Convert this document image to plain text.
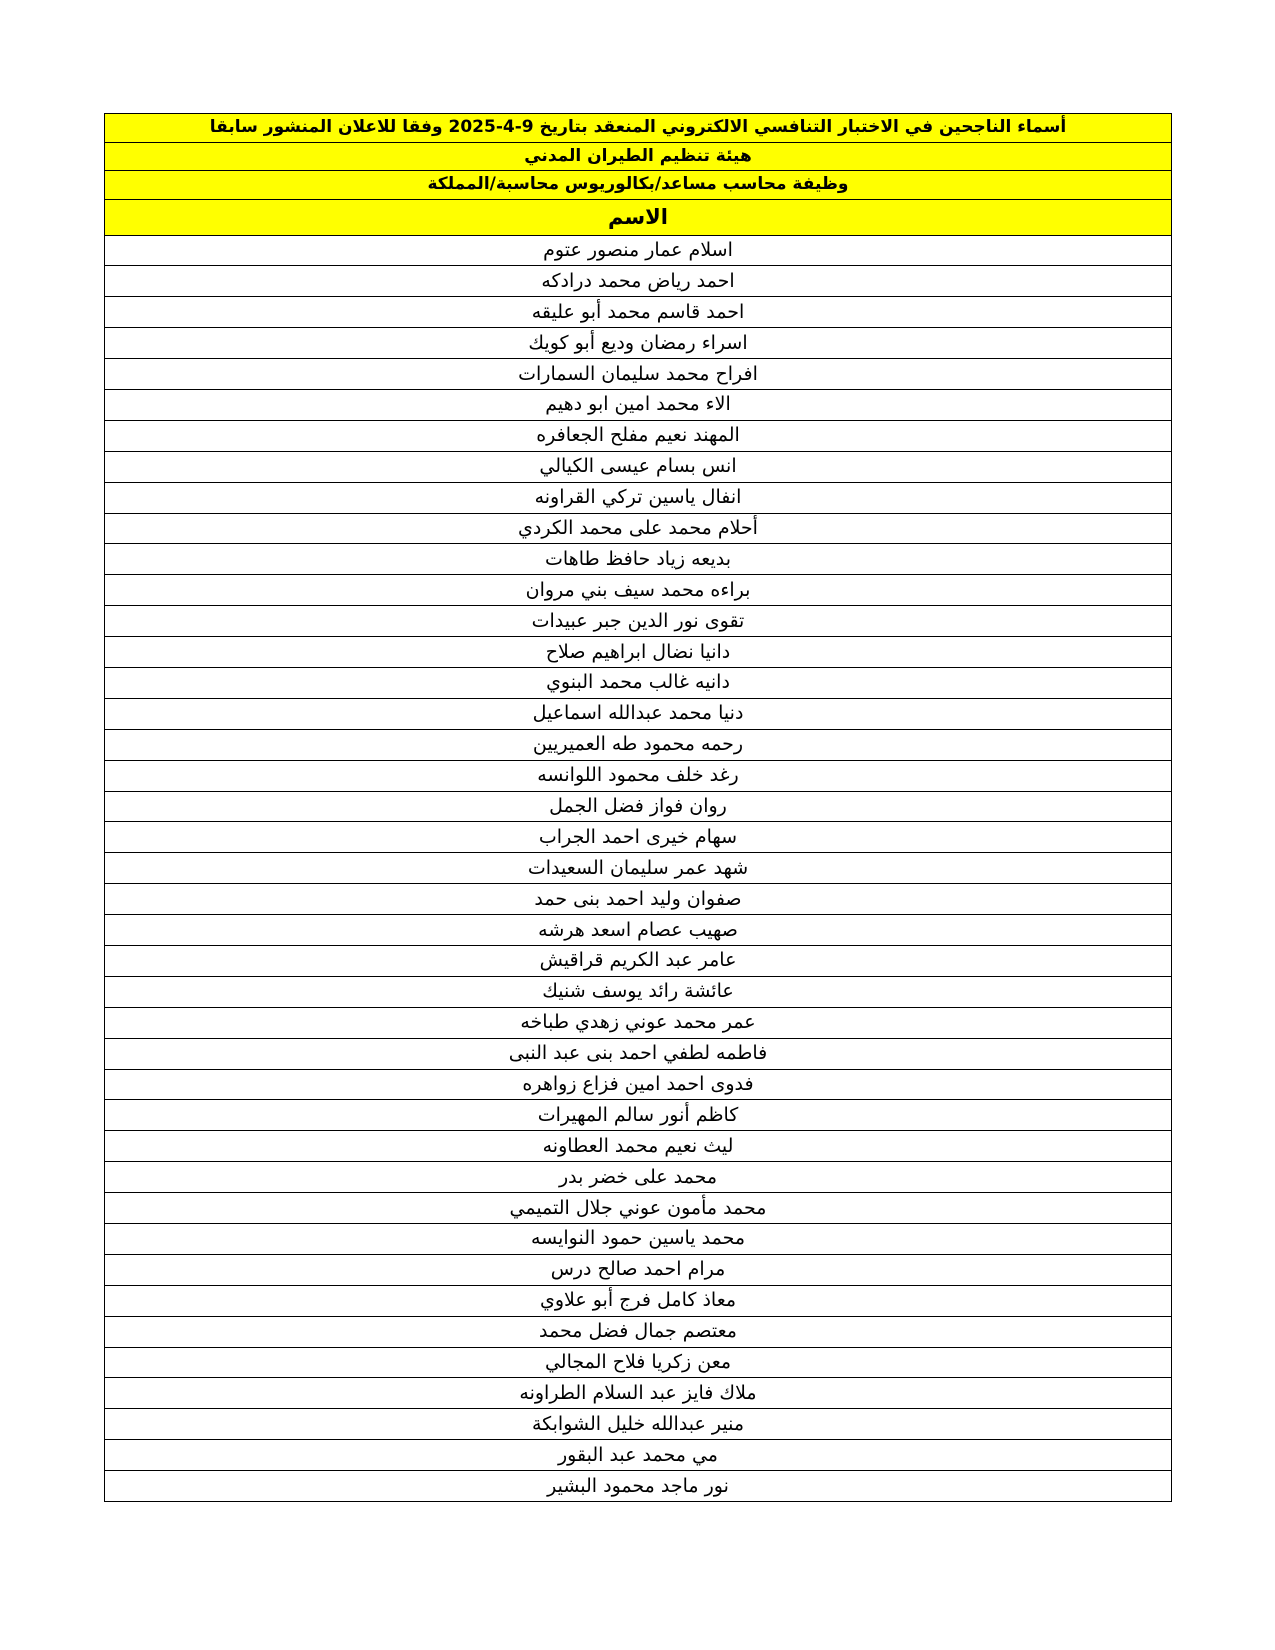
أسماء الناجحين في الاختبار التنافسي الالكتروني المنعقد بتاريخ 9-4-2025 وفقا للاعلان المنشور سابقا
هيئة تنظيم الطيران المدني
وظيفة محاسب مساعد/بكالوريوس محاسبة/المملكة
الاسم
اسلام عمار منصور عتوم
احمد رياض محمد درادكه
احمد قاسم محمد أبو عليقه
اسراء رمضان وديع أبو كويك
افراح محمد سليمان السمارات
الاء محمد امين ابو دهيم
المهند نعيم مفلح الجعافره
انس بسام عيسى الكيالي
انفال ياسين تركي القراونه
أحلام محمد على محمد الكردي
بديعه زياد حافظ طاهات
براءه محمد سيف بني مروان
تقوى نور الدين جبر عبيدات
دانيا نضال ابراهيم صلاح
دانيه غالب محمد البنوي
دنيا محمد عبدالله اسماعيل
رحمه محمود طه العميريين
رغد خلف محمود اللوانسه
روان فواز فضل الجمل
سهام خيرى احمد الجراب
شهد عمر سليمان السعيدات
صفوان وليد احمد بنى حمد
صهيب عصام اسعد هرشه
عامر عبد الكريم قراقيش
عائشة رائد يوسف شنيك
عمر محمد عوني زهدي طباخه
فاطمه لطفي احمد بنى عبد النبى
فدوى احمد امين فزاع زواهره
كاظم أنور سالم المهيرات
ليث نعيم محمد العطاونه
محمد على خضر بدر
محمد مأمون عوني جلال التميمي
محمد ياسين حمود النوايسه
مرام احمد صالح درس
معاذ كامل فرج أبو علاوي
معتصم جمال فضل محمد
معن زكريا فلاح المجالي
ملاك فايز عبد السلام الطراونه
منير عبدالله خليل الشوابكة
مي محمد عبد البقور
نور ماجد محمود البشير
